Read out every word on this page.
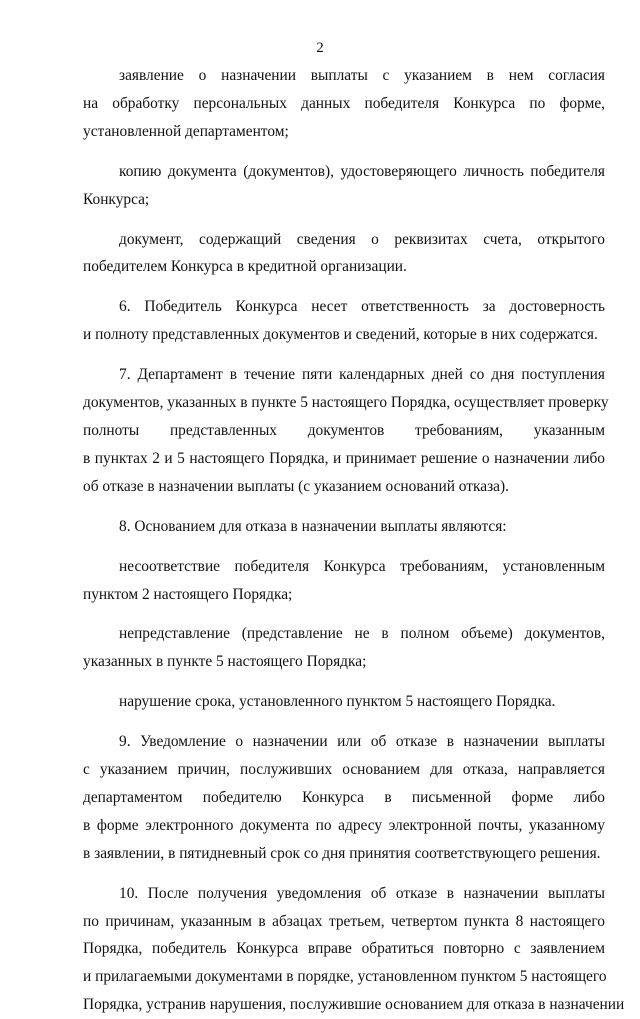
2
заявление о назначении выплаты с указанием в нем согласия
на обработку персональных данных победителя Конкурса по форме,
установленной департаментом;
копию документа (документов), удостоверяющего личность победителя
Конкурса;
документ, содержащий сведения о реквизитах счета, открытого
победителем Конкурса в кредитной организации.
6. Победитель Конкурса несет ответственность за достоверность
и полноту представленных документов и сведений, которые в них содержатся.
7. Департамент в течение пяти календарных дней со дня поступления
документов, указанных в пункте 5 настоящего Порядка, осуществляет проверку
полноты представленных документов требованиям, указанным
в пунктах 2 и 5 настоящего Порядка, и принимает решение о назначении либо
об отказе в назначении выплаты (с указанием оснований отказа).
8. Основанием для отказа в назначении выплаты являются:
несоответствие победителя Конкурса требованиям, установленным
пунктом 2 настоящего Порядка;
непредставление (представление не в полном объеме) документов,
указанных в пункте 5 настоящего Порядка;
нарушение срока, установленного пунктом 5 настоящего Порядка.
9. Уведомление о назначении или об отказе в назначении выплаты
с указанием причин, послуживших основанием для отказа, направляется
департаментом победителю Конкурса в письменной форме либо
в форме электронного документа по адресу электронной почты, указанному
в заявлении, в пятидневный срок со дня принятия соответствующего решения.
10. После получения уведомления об отказе в назначении выплаты
по причинам, указанным в абзацах третьем, четвертом пункта 8 настоящего
Порядка, победитель Конкурса вправе обратиться повторно с заявлением
и прилагаемыми документами в порядке, установленном пунктом 5 настоящего
Порядка, устранив нарушения, послужившие основанием для отказа в назначении
